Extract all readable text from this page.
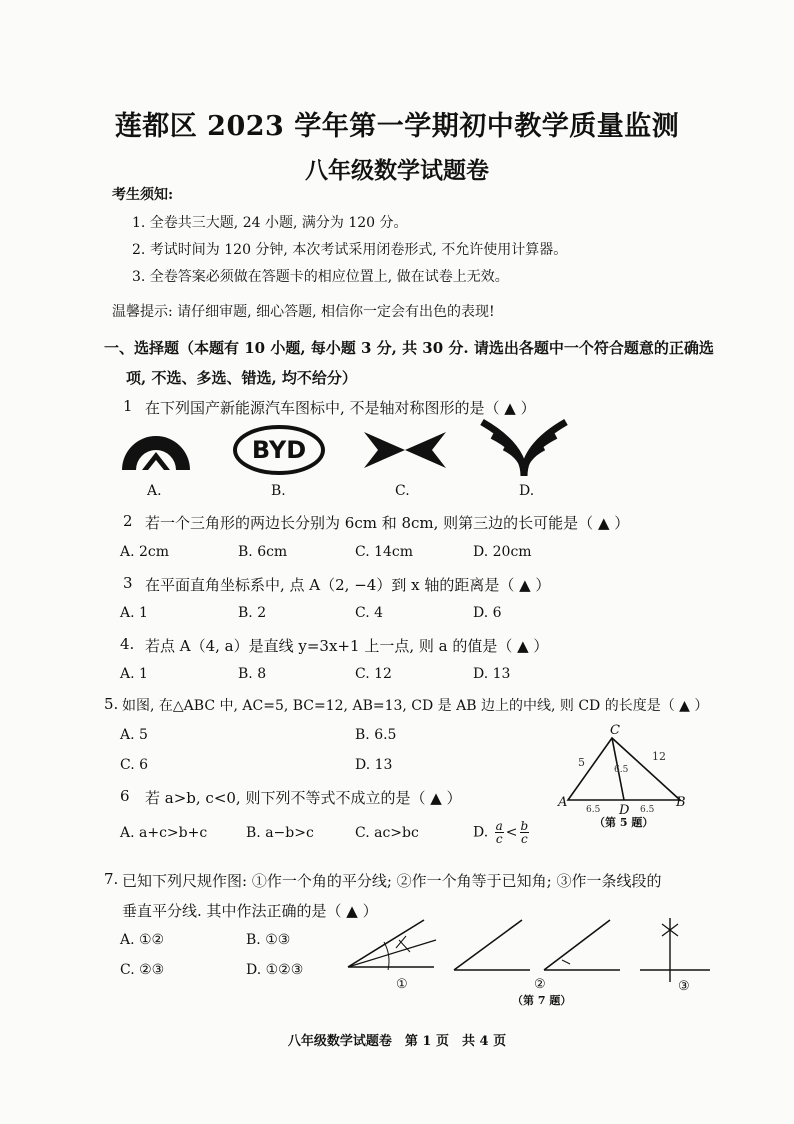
莲都区 2023 学年第一学期初中教学质量监测
八年级数学试题卷
考生须知:
1. 全卷共三大题, 24 小题, 满分为 120 分。
2. 考试时间为 120 分钟, 本次考试采用闭卷形式, 不允许使用计算器。
3. 全卷答案必须做在答题卡的相应位置上, 做在试卷上无效。
温馨提示: 请仔细审题, 细心答题, 相信你一定会有出色的表现!
一、选择题（本题有 10 小题, 每小题 3 分, 共 30 分. 请选出各题中一个符合题意的正确选
项, 不选、多选、错选, 均不给分）
1 在下列国产新能源汽车图标中, 不是轴对称图形的是（ ▲ ）
BYD
A.	B.	C.	D.
2 若一个三角形的两边长分别为 6cm 和 8cm, 则第三边的长可能是（ ▲ ）
A. 2cm	B. 6cm	C. 14cm	D. 20cm
3 在平面直角坐标系中, 点 A（2, −4）到 x 轴的距离是（ ▲ ）
A. 1	B. 2	C. 4	D. 6
4. 若点 A（4, a）是直线 y=3x+1 上一点, 则 a 的值是（ ▲ ）
A. 1	B. 8	C. 12	D. 13
5. 如图, 在△ABC 中, AC=5, BC=12, AB=13, CD 是 AB 边上的中线, 则 CD 的长度是（ ▲ ）
A. 5	B. 6.5
C. 6	D. 13
C
A
D
B
5	12
6.5
6.5	6.5
（第 5 题）
6 若 a>b, c<0, 则下列不等式不成立的是（ ▲ ）
A. a+c>b+c	B. a−b>c	C. ac>bc	D. $\frac{a}{c} < \frac{b}{c}$
7. 已知下列尺规作图: ①作一个角的平分线; ②作一个角等于已知角; ③作一条线段的
垂直平分线. 其中作法正确的是（ ▲ ）
A. ①②	B. ①③
C. ②③	D. ①②③
①	②	③
（第 7 题）
八年级数学试题卷　第 1 页　共 4 页
